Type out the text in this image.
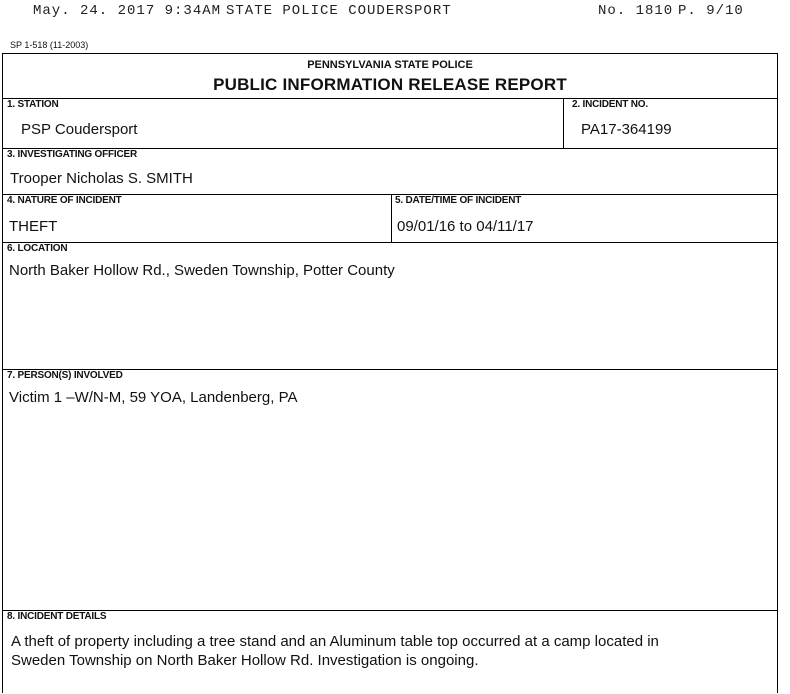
May. 24. 2017 9:34AM STATE POLICE COUDERSPORT	No. 1810 P. 9/10
SP 1-518 (11-2003)
PENNSYLVANIA STATE POLICE
PUBLIC INFORMATION RELEASE REPORT
1. STATION
PSP Coudersport
2. INCIDENT NO.
PA17-364199
3. INVESTIGATING OFFICER
Trooper Nicholas S. SMITH
4. NATURE OF INCIDENT
THEFT
5. DATE/TIME OF INCIDENT
09/01/16 to 04/11/17
6. LOCATION
North Baker Hollow Rd., Sweden Township, Potter County
7. PERSON(S) INVOLVED
Victim 1 –W/N-M, 59 YOA, Landenberg, PA
8. INCIDENT DETAILS
A theft of property including a tree stand and an Aluminum table top occurred at a camp located in
Sweden Township on North Baker Hollow Rd. Investigation is ongoing.
